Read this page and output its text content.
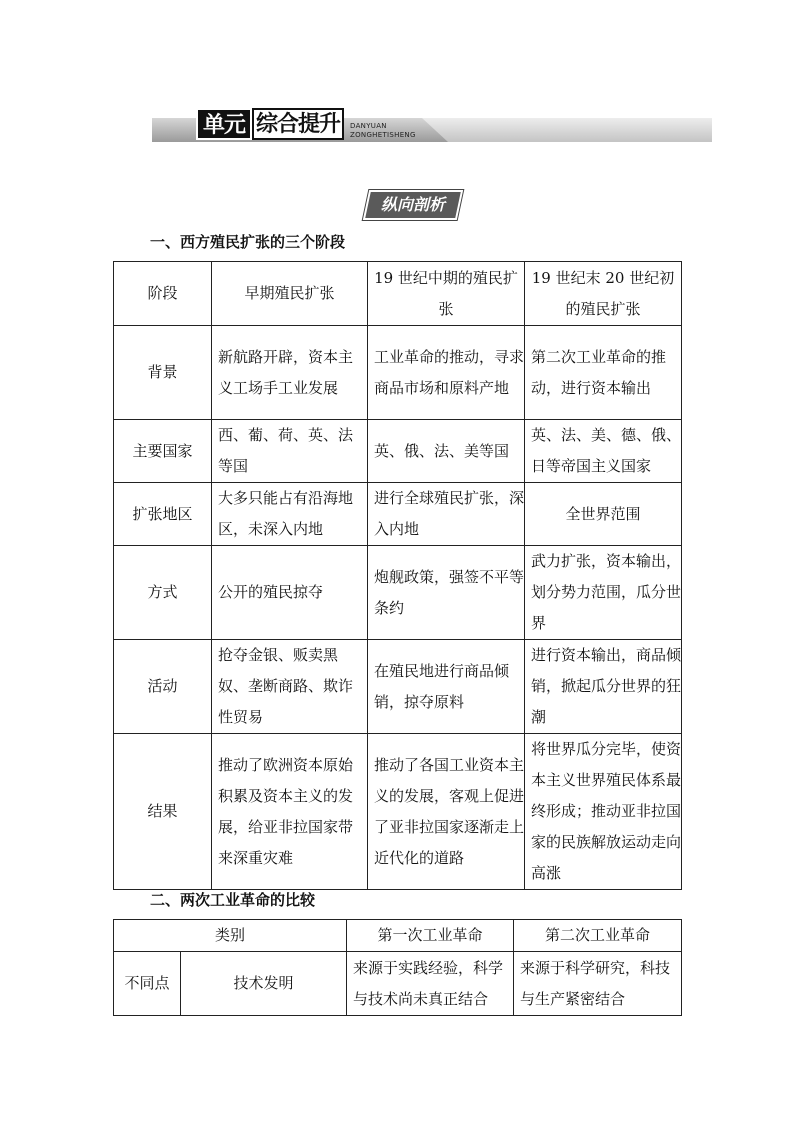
单元 综合提升	DANYUAN
ZONGHETISHENG
纵向剖析
一、西方殖民扩张的三个阶段
阶段	早期殖民扩张	19 世纪中期的殖民扩张	19 世纪末 20 世纪初的殖民扩张
背景	新航路开辟，资本主义工场手工业发展	工业革命的推动，寻求商品市场和原料产地	第二次工业革命的推动，进行资本输出
主要国家	西、葡、荷、英、法等国	英、俄、法、美等国	英、法、美、德、俄、日等帝国主义国家
扩张地区	大多只能占有沿海地区，未深入内地	进行全球殖民扩张，深入内地	全世界范围
方式	公开的殖民掠夺	炮舰政策，强签不平等条约	武力扩张，资本输出，划分势力范围，瓜分世界
活动	抢夺金银、贩卖黑奴、垄断商路、欺诈性贸易	在殖民地进行商品倾销，掠夺原料	进行资本输出，商品倾销，掀起瓜分世界的狂潮
结果	推动了欧洲资本原始积累及资本主义的发展，给亚非拉国家带来深重灾难	推动了各国工业资本主义的发展，客观上促进了亚非拉国家逐渐走上近代化的道路	将世界瓜分完毕，使资本主义世界殖民体系最终形成；推动亚非拉国家的民族解放运动走向高涨
二、两次工业革命的比较
类别		第一次工业革命	第二次工业革命
不同点	技术发明	来源于实践经验，科学与技术尚未真正结合	来源于科学研究，科技与生产紧密结合
